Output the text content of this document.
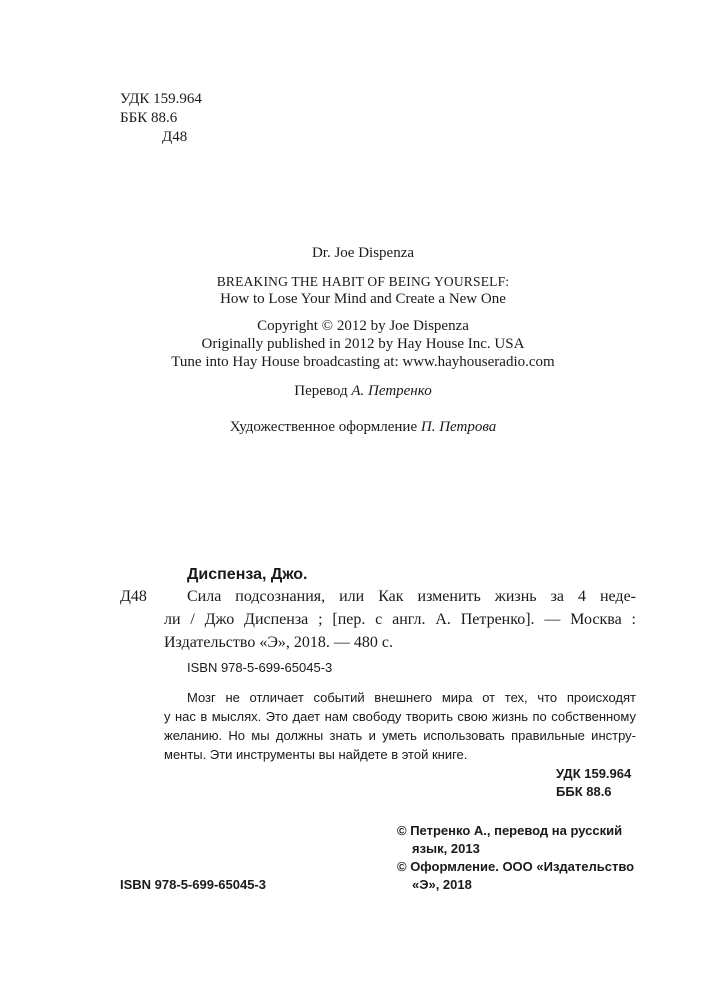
УДК 159.964
ББК 88.6
Д48
Dr. Joe Dispenza
BREAKING THE HABIT OF BEING YOURSELF:
How to Lose Your Mind and Create a New One
Copyright © 2012 by Joe Dispenza
Originally published in 2012 by Hay House Inc. USA
Tune into Hay House broadcasting at: www.hayhouseradio.com
Перевод А. Петренко
Художественное оформление П. Петрова
Диспенза, Джо.
Д48	Сила подсознания, или Как изменить жизнь за 4 неде-
ли / Джо Диспенза ; [пер. с англ. А. Петренко]. — Москва :
Издательство «Э», 2018. — 480 с.
ISBN 978-5-699-65045-3
Мозг не отличает событий внешнего мира от тех, что происходят
у нас в мыслях. Это дает нам свободу творить свою жизнь по собственному
желанию. Но мы должны знать и уметь использовать правильные инстру-
менты. Эти инструменты вы найдете в этой книге.
УДК 159.964
ББК 88.6
© Петренко А., перевод на русский
язык, 2013
© Оформление. ООО «Издательство
«Э», 2018
ISBN 978-5-699-65045-3
